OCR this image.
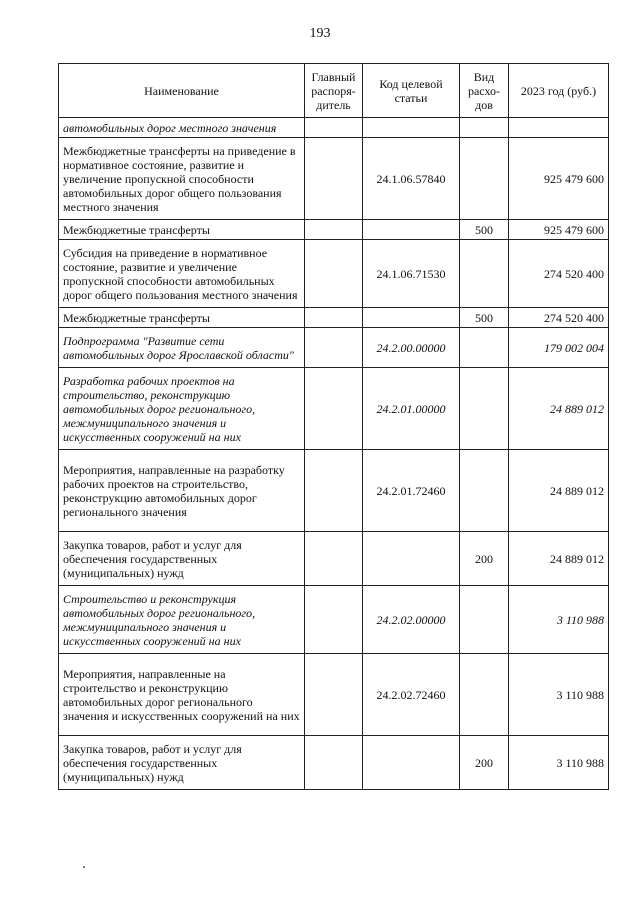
193
Наименование	Главный распоря-дитель	Код целевой статьи	Вид расхо-дов	2023 год (руб.)
автомобильных дорог местного значения				
Межбюджетные трансферты на приведение в нормативное состояние, развитие и увеличение пропускной способности автомобильных дорог общего пользования местного значения		24.1.06.57840		925 479 600
Межбюджетные трансферты			500	925 479 600
Субсидия на приведение в нормативное состояние, развитие и увеличение пропускной способности автомобильных дорог общего пользования местного значения		24.1.06.71530		274 520 400
Межбюджетные трансферты			500	274 520 400
Подпрограмма "Развитие сети автомобильных дорог Ярославской области"		24.2.00.00000		179 002 004
Разработка рабочих проектов на строительство, реконструкцию автомобильных дорог регионального, межмуниципального значения и искусственных сооружений на них		24.2.01.00000		24 889 012
Мероприятия, направленные на разработку рабочих проектов на строительство, реконструкцию автомобильных дорог регионального значения		24.2.01.72460		24 889 012
Закупка товаров, работ и услуг для обеспечения государственных (муниципальных) нужд			200	24 889 012
Строительство и реконструкция автомобильных дорог регионального, межмуниципального значения и искусственных сооружений на них		24.2.02.00000		3 110 988
Мероприятия, направленные на строительство и реконструкцию автомобильных дорог регионального значения и искусственных сооружений на них		24.2.02.72460		3 110 988
Закупка товаров, работ и услуг для обеспечения государственных (муниципальных) нужд			200	3 110 988
